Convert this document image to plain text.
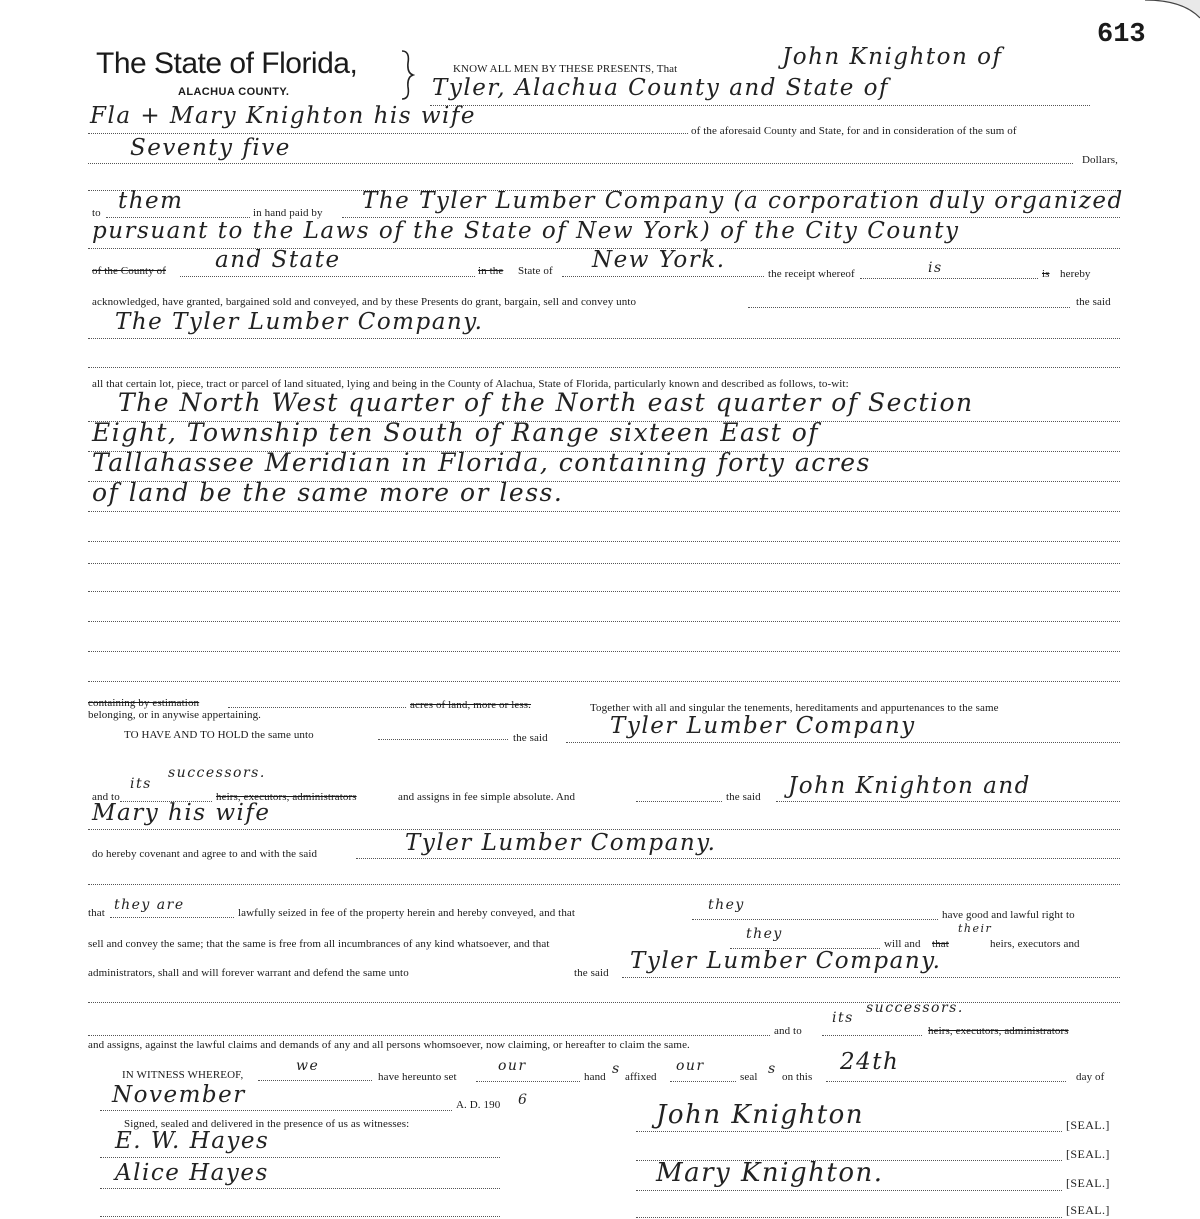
613
The State of Florida,
ALACHUA COUNTY.
KNOW ALL MEN BY THESE PRESENTS, That	John Knighton of
Tyler, Alachua County and State of
Fla + Mary Knighton his wife
of the aforesaid County and State, for and in consideration of the sum of
Seventy five	Dollars,
to them	in hand paid by The Tyler Lumber Company (a corporation duly organized
pursuant to the Laws of the State of New York) of the City County
of the County of and State	in the State of New York.
the receipt whereof	is	is hereby
acknowledged, have granted, bargained sold and conveyed, and by these Presents do grant, bargain, sell and convey unto	the said
The Tyler Lumber Company.
all that certain lot, piece, tract or parcel of land situated, lying and being in the County of Alachua, State of Florida, particularly known and described as follows, to-wit:
The North West quarter of the North east quarter of Section
Eight, Township ten South of Range sixteen East of
Tallahassee Meridian in Florida, containing forty acres
of land be the same more or less.
containing by estimation	acres of land, more or less.	Together with all and singular the tenements, hereditaments and appurtenances to the same
belonging, or in anywise appertaining.
TO HAVE AND TO HOLD the same unto	the said	Tyler Lumber Company
and to
its
successors.
heirs, executors, administrators	and assigns in fee simple absolute. And	the said John Knighton and
Mary his wife
do hereby covenant and agree to and with the said	Tyler Lumber Company.
that they are	lawfully seized in fee of the property herein and hereby conveyed, and that	they
have good and lawful right to
sell and convey the same; that the same is free from all incumbrances of any kind whatsoever, and that
they
will and that
their
heirs, executors and
administrators, shall and will forever warrant and defend the same unto	the said Tyler Lumber Company.
and to
its
successors.
heirs, executors, administrators
and assigns, against the lawful claims and demands of any and all persons whomsoever, now claiming, or hereafter to claim the same.
IN WITNESS WHEREOF,
we
have hereunto set
our
hand s affixed
our
seal s on this
24th
day of
November	A. D. 190 6
Signed, sealed and delivered in the presence of us as witnesses:
E. W. Hayes
Alice Hayes
John Knighton	[SEAL.]
[SEAL.]
Mary Knighton.	[SEAL.]
[SEAL.]
